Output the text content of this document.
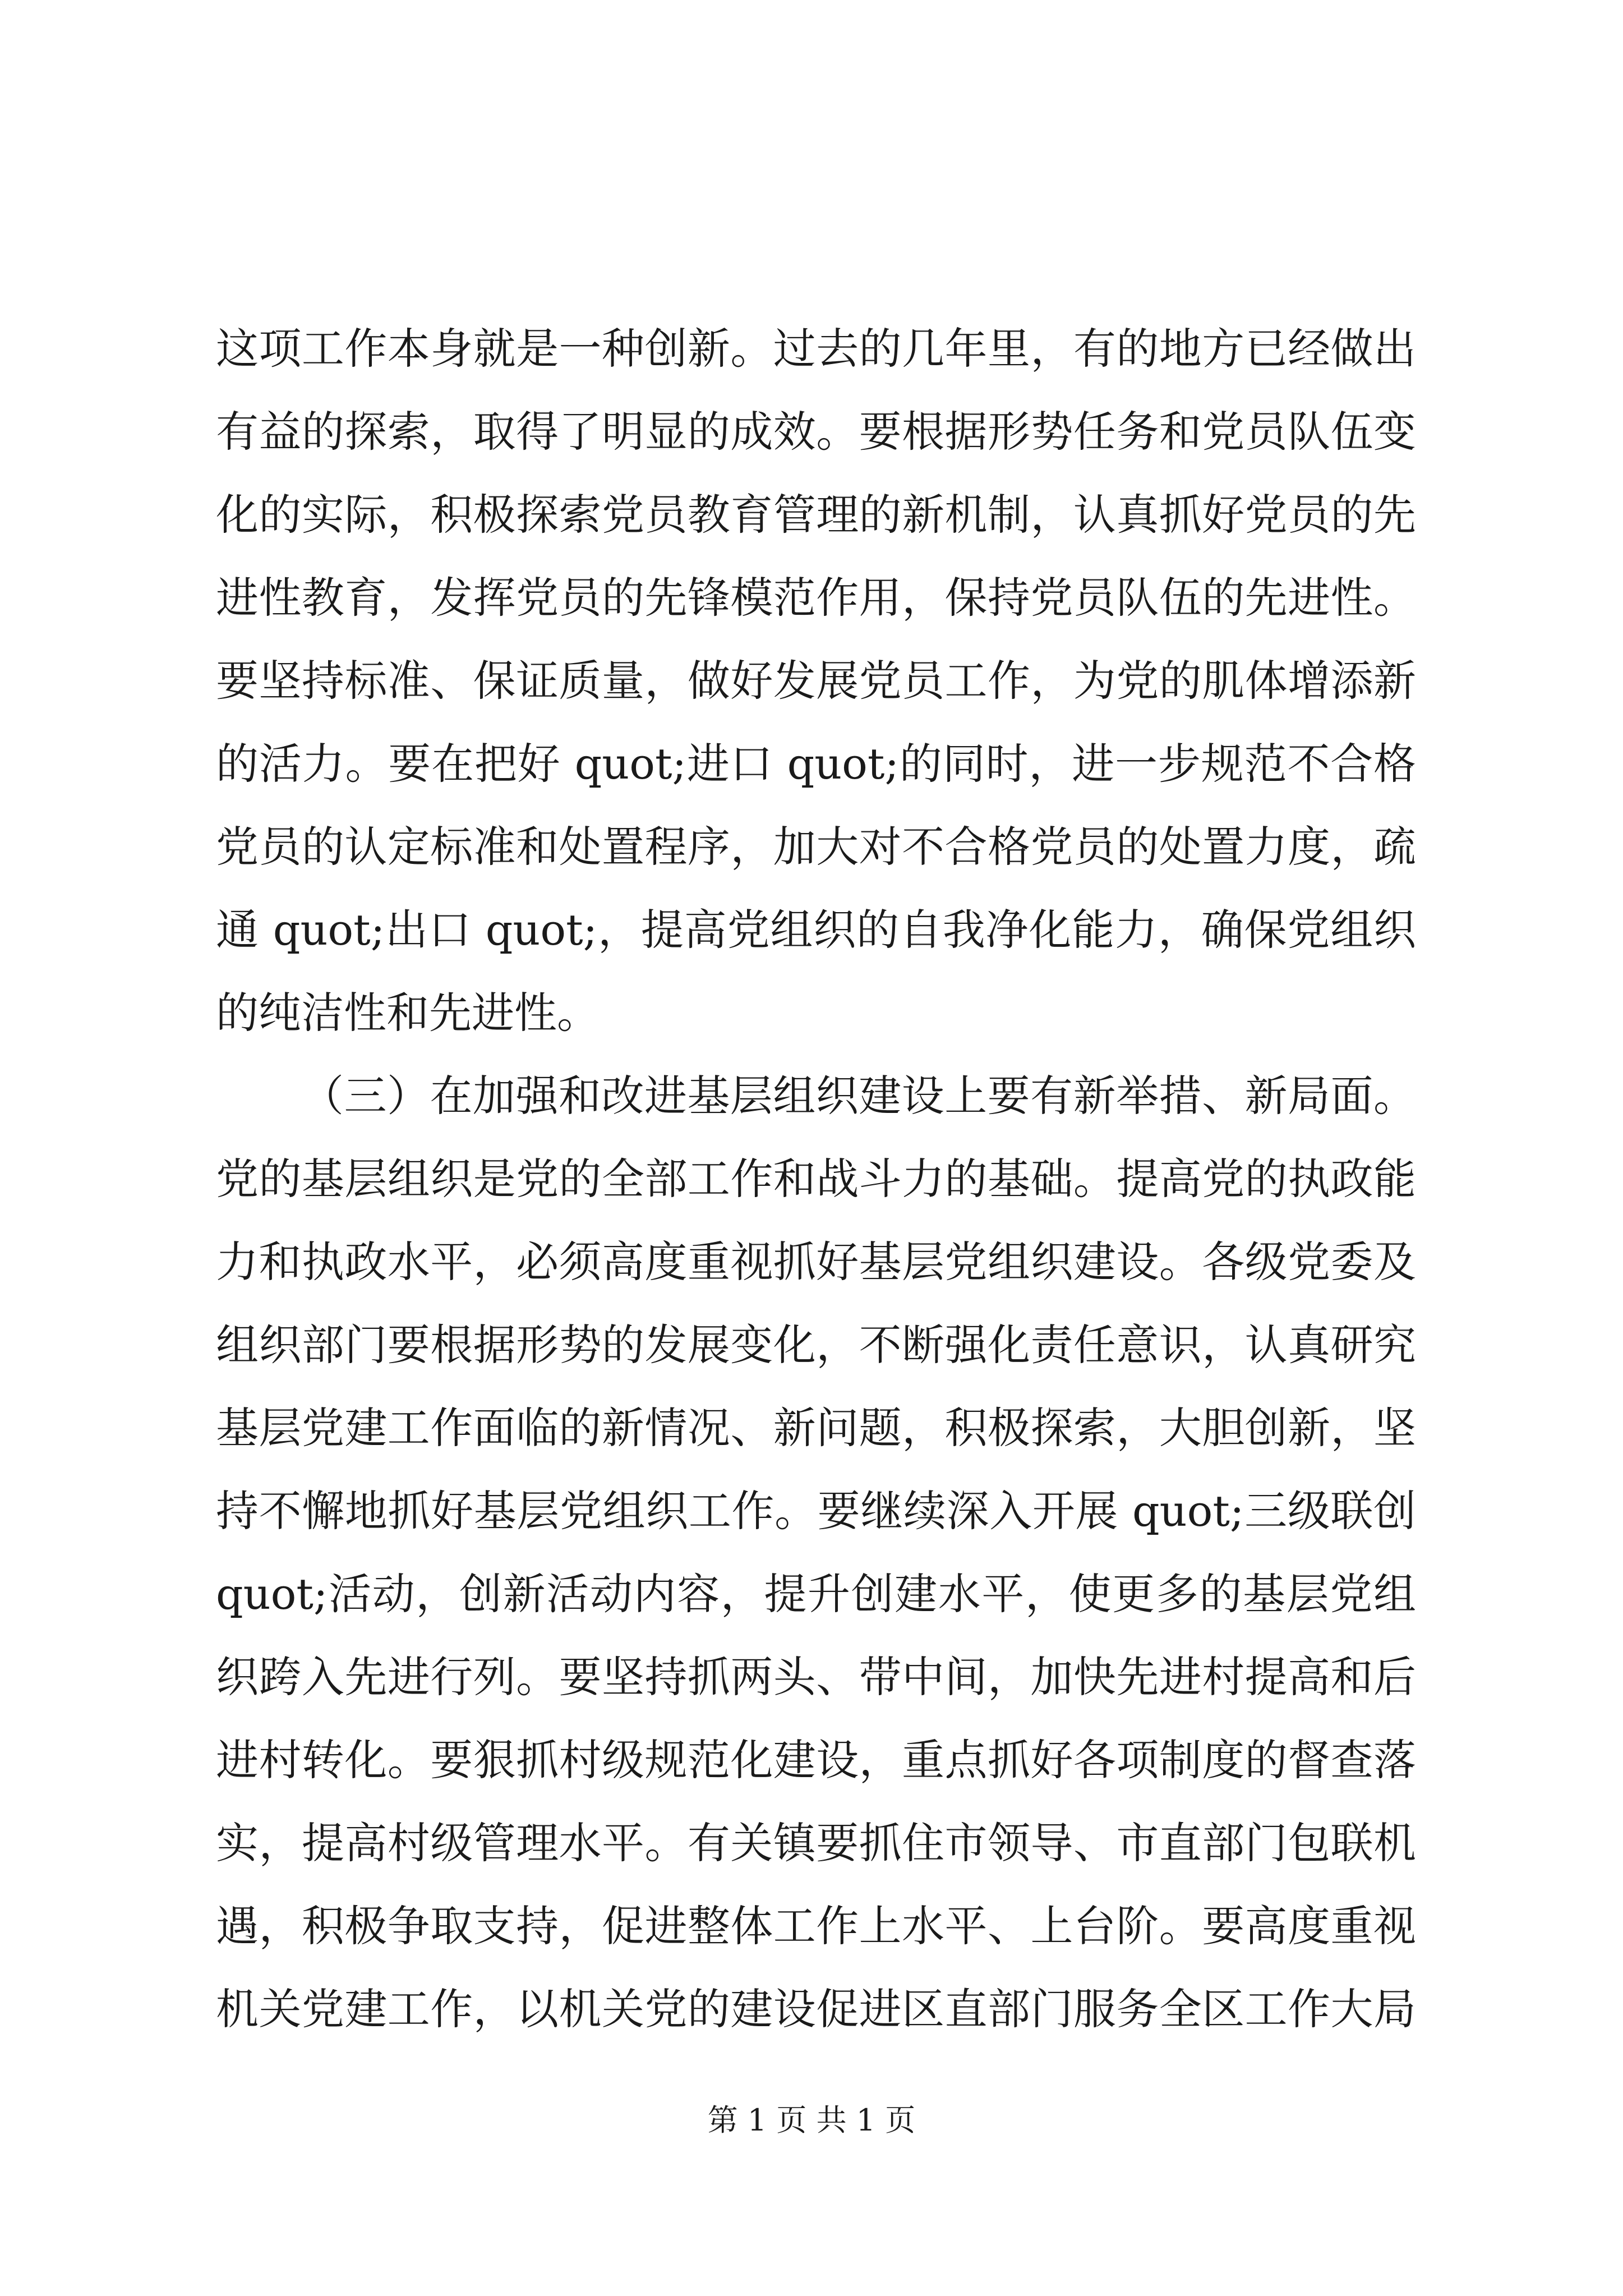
这项工作本身就是一种创新。过去的几年里，有的地方已经做出
有益的探索，取得了明显的成效。要根据形势任务和党员队伍变
化的实际，积极探索党员教育管理的新机制，认真抓好党员的先
进性教育，发挥党员的先锋模范作用，保持党员队伍的先进性。
要坚持标准、保证质量，做好发展党员工作，为党的肌体增添新
的活力。要在把好 quot;进口 quot;的同时，进一步规范不合格
党员的认定标准和处置程序，加大对不合格党员的处置力度，疏
通 quot;出口 quot;，提高党组织的自我净化能力，确保党组织
的纯洁性和先进性。
（三）在加强和改进基层组织建设上要有新举措、新局面。
党的基层组织是党的全部工作和战斗力的基础。提高党的执政能
力和执政水平，必须高度重视抓好基层党组织建设。各级党委及
组织部门要根据形势的发展变化，不断强化责任意识，认真研究
基层党建工作面临的新情况、新问题，积极探索，大胆创新，坚
持不懈地抓好基层党组织工作。要继续深入开展 quot;三级联创
quot;活动，创新活动内容，提升创建水平，使更多的基层党组
织跨入先进行列。要坚持抓两头、带中间，加快先进村提高和后
进村转化。要狠抓村级规范化建设，重点抓好各项制度的督查落
实，提高村级管理水平。有关镇要抓住市领导、市直部门包联机
遇，积极争取支持，促进整体工作上水平、上台阶。要高度重视
机关党建工作，以机关党的建设促进区直部门服务全区工作大局
第 1 页 共 1 页
